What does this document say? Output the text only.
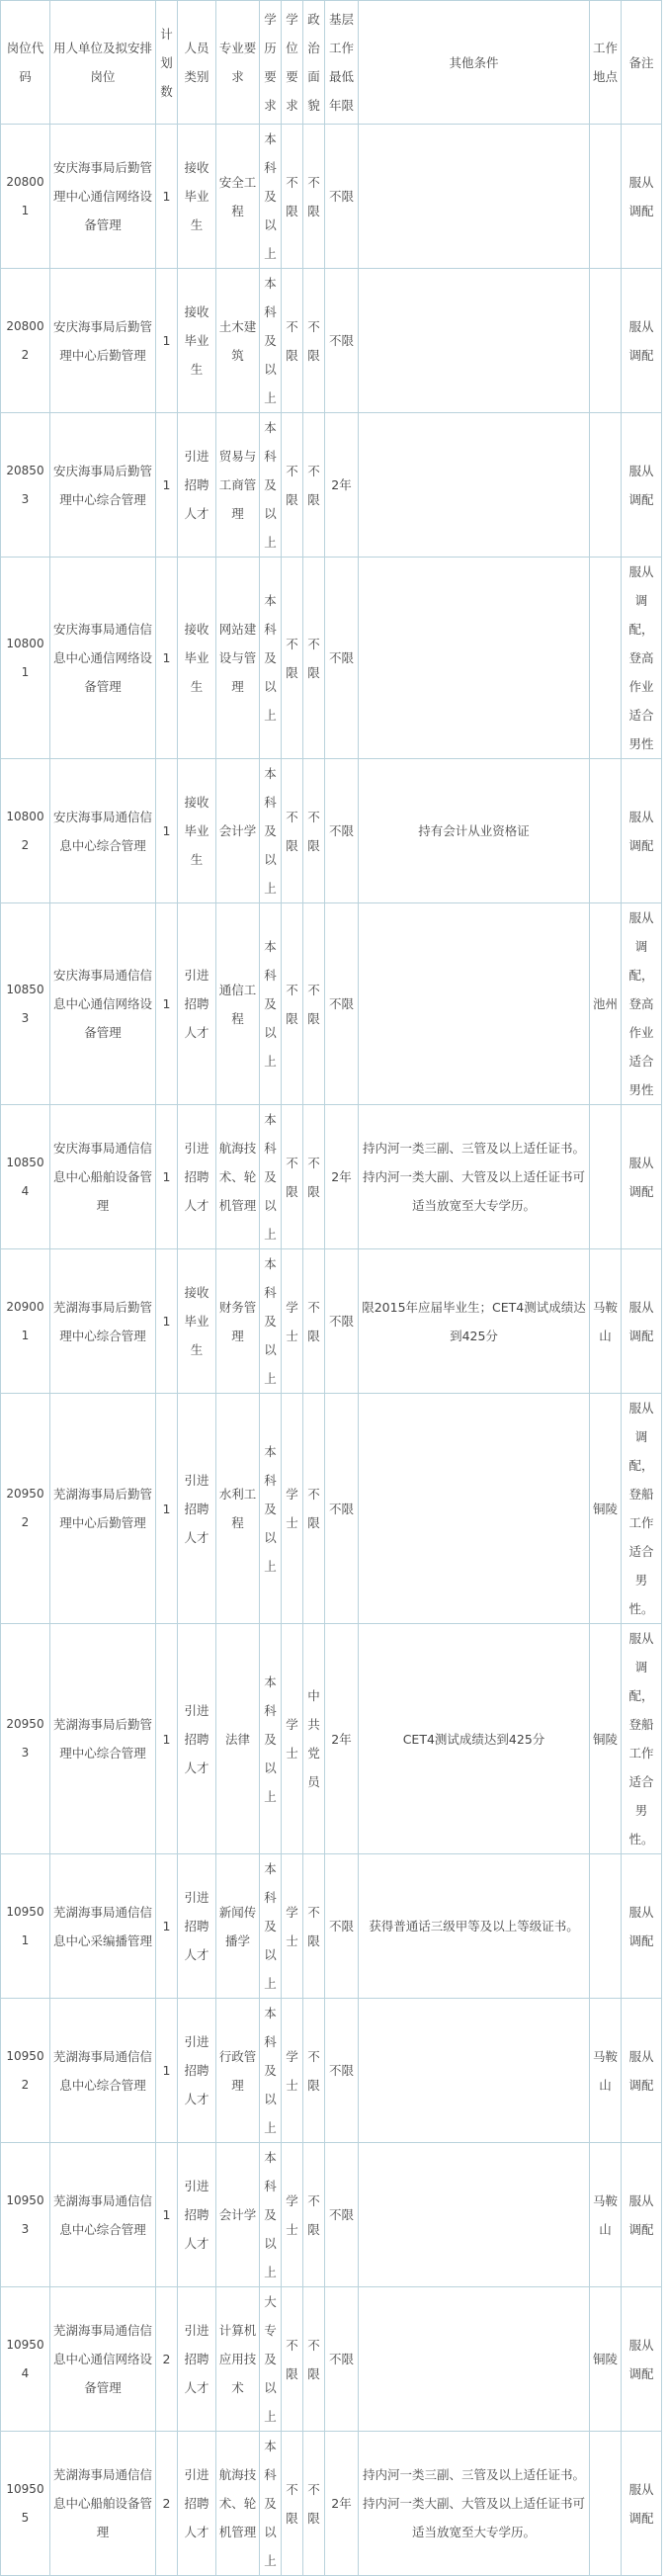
岗位代码	用人单位及拟安排岗位	计划数	人员类别	专业要求	学历要求	学位要求	政治面貌	基层工作最低年限	其他条件	工作地点	备注
208001	安庆海事局后勤管理中心通信网络设备管理	1	接收毕业生	安全工程	本科及以上	不限	不限	不限			服从调配
208002	安庆海事局后勤管理中心后勤管理	1	接收毕业生	土木建筑	本科及以上	不限	不限	不限			服从调配
208503	安庆海事局后勤管理中心综合管理	1	引进招聘人才	贸易与工商管理	本科及以上	不限	不限	2年			服从调配
108001	安庆海事局通信信息中心通信网络设备管理	1	接收毕业生	网站建设与管理	本科及以上	不限	不限	不限			服从调配，登高作业适合男性
108002	安庆海事局通信信息中心综合管理	1	接收毕业生	会计学	本科及以上	不限	不限	不限	持有会计从业资格证		服从调配
108503	安庆海事局通信信息中心通信网络设备管理	1	引进招聘人才	通信工程	本科及以上	不限	不限	不限		池州	服从调配，登高作业适合男性
108504	安庆海事局通信信息中心船舶设备管理	1	引进招聘人才	航海技术、轮机管理	本科及以上	不限	不限	2年	持内河一类三副、三管及以上适任证书。持内河一类大副、大管及以上适任证书可适当放宽至大专学历。		服从调配
209001	芜湖海事局后勤管理中心综合管理	1	接收毕业生	财务管理	本科及以上	学士	不限	不限	限2015年应届毕业生；CET4测试成绩达到425分	马鞍山	服从调配
209502	芜湖海事局后勤管理中心后勤管理	1	引进招聘人才	水利工程	本科及以上	学士	不限	不限		铜陵	服从调配，登船工作适合男性。
209503	芜湖海事局后勤管理中心综合管理	1	引进招聘人才	法律	本科及以上	学士	中共党员	2年	CET4测试成绩达到425分	铜陵	服从调配，登船工作适合男性。
109501	芜湖海事局通信信息中心采编播管理	1	引进招聘人才	新闻传播学	本科及以上	学士	不限	不限	获得普通话三级甲等及以上等级证书。		服从调配
109502	芜湖海事局通信信息中心综合管理	1	引进招聘人才	行政管理	本科及以上	学士	不限	不限		马鞍山	服从调配
109503	芜湖海事局通信信息中心综合管理	1	引进招聘人才	会计学	本科及以上	学士	不限	不限		马鞍山	服从调配
109504	芜湖海事局通信信息中心通信网络设备管理	2	引进招聘人才	计算机应用技术	大专及以上	不限	不限	不限		铜陵	服从调配
109505	芜湖海事局通信信息中心船舶设备管理	2	引进招聘人才	航海技术、轮机管理	本科及以上	不限	不限	2年	持内河一类三副、三管及以上适任证书。持内河一类大副、大管及以上适任证书可适当放宽至大专学历。		服从调配
